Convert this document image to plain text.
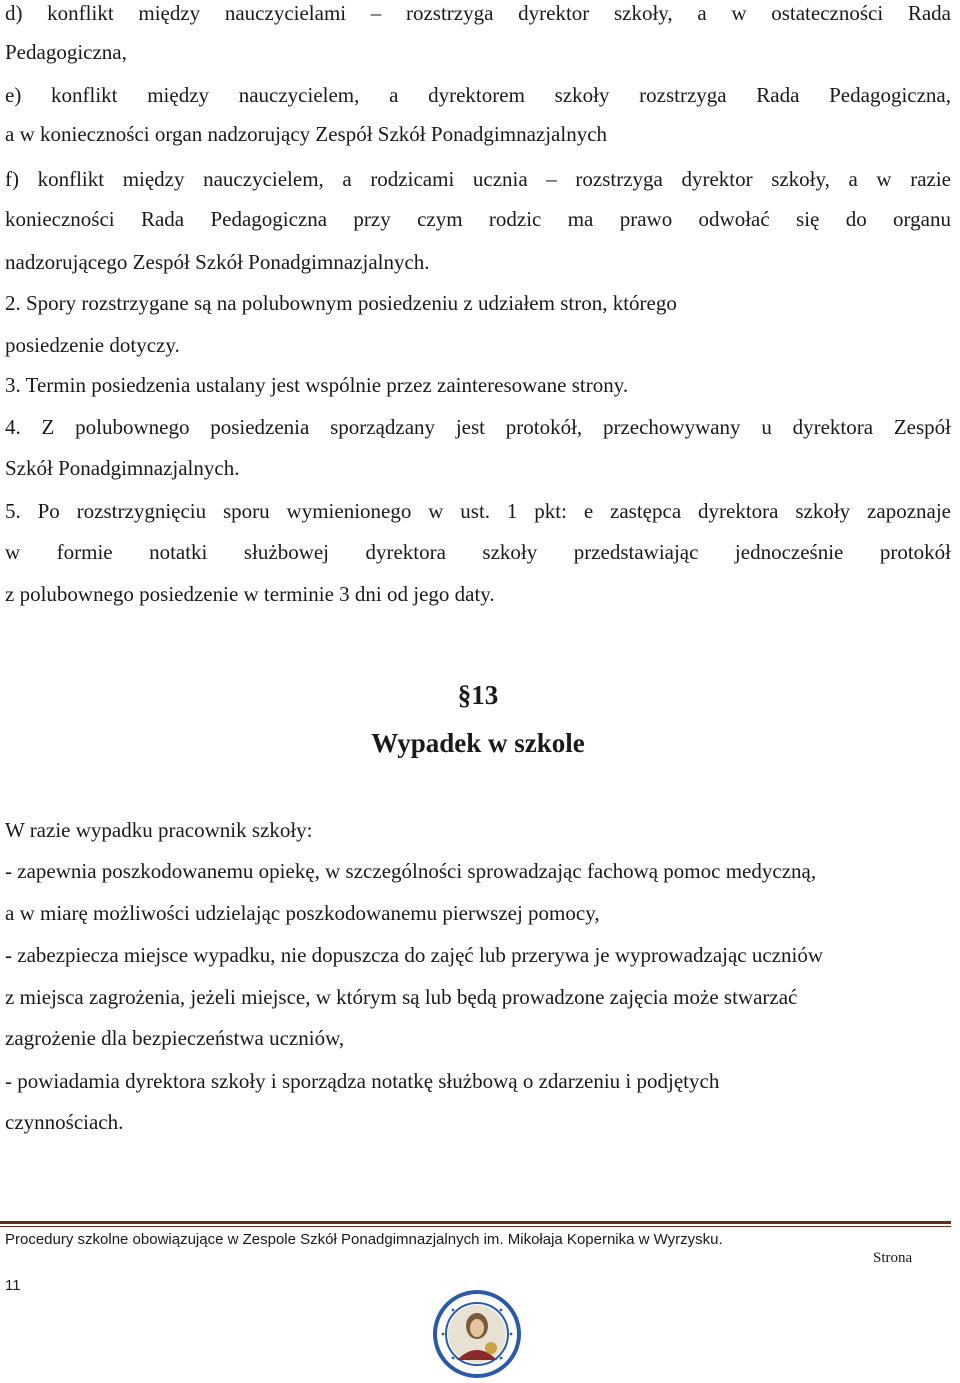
d) konflikt między nauczycielami – rozstrzyga dyrektor szkoły, a w ostateczności Rada
Pedagogiczna,
e) konflikt między nauczycielem, a dyrektorem szkoły rozstrzyga Rada Pedagogiczna,
a w konieczności organ nadzorujący Zespół Szkół Ponadgimnazjalnych
f) konflikt między nauczycielem, a rodzicami ucznia – rozstrzyga dyrektor szkoły, a w razie
konieczności Rada Pedagogiczna przy czym rodzic ma prawo odwołać się do organu
nadzorującego Zespół Szkół Ponadgimnazjalnych.
2. Spory rozstrzygane są na polubownym posiedzeniu z udziałem stron, którego
posiedzenie dotyczy.
3. Termin posiedzenia ustalany jest wspólnie przez zainteresowane strony.
4. Z polubownego posiedzenia sporządzany jest protokół, przechowywany u dyrektora Zespół
Szkół Ponadgimnazjalnych.
5. Po rozstrzygnięciu sporu wymienionego w ust. 1 pkt: e zastępca dyrektora szkoły zapoznaje
w formie notatki służbowej dyrektora szkoły przedstawiając jednocześnie protokół
z polubownego posiedzenie w terminie 3 dni od jego daty.
§13
Wypadek w szkole
W razie wypadku pracownik szkoły:
- zapewnia poszkodowanemu opiekę, w szczególności sprowadzając fachową pomoc medyczną,
a w miarę możliwości udzielając poszkodowanemu pierwszej pomocy,
- zabezpiecza miejsce wypadku, nie dopuszcza do zajęć lub przerywa je wyprowadzając uczniów
z miejsca zagrożenia, jeżeli miejsce, w którym są lub będą prowadzone zajęcia może stwarzać
zagrożenie dla bezpieczeństwa uczniów,
- powiadamia dyrektora szkoły i sporządza notatkę służbową o zdarzeniu i podjętych
czynnościach.
Procedury szkolne obowiązujące w Zespole Szkół Ponadgimnazjalnych im. Mikołaja Kopernika w Wyrzysku.
Strona
11
